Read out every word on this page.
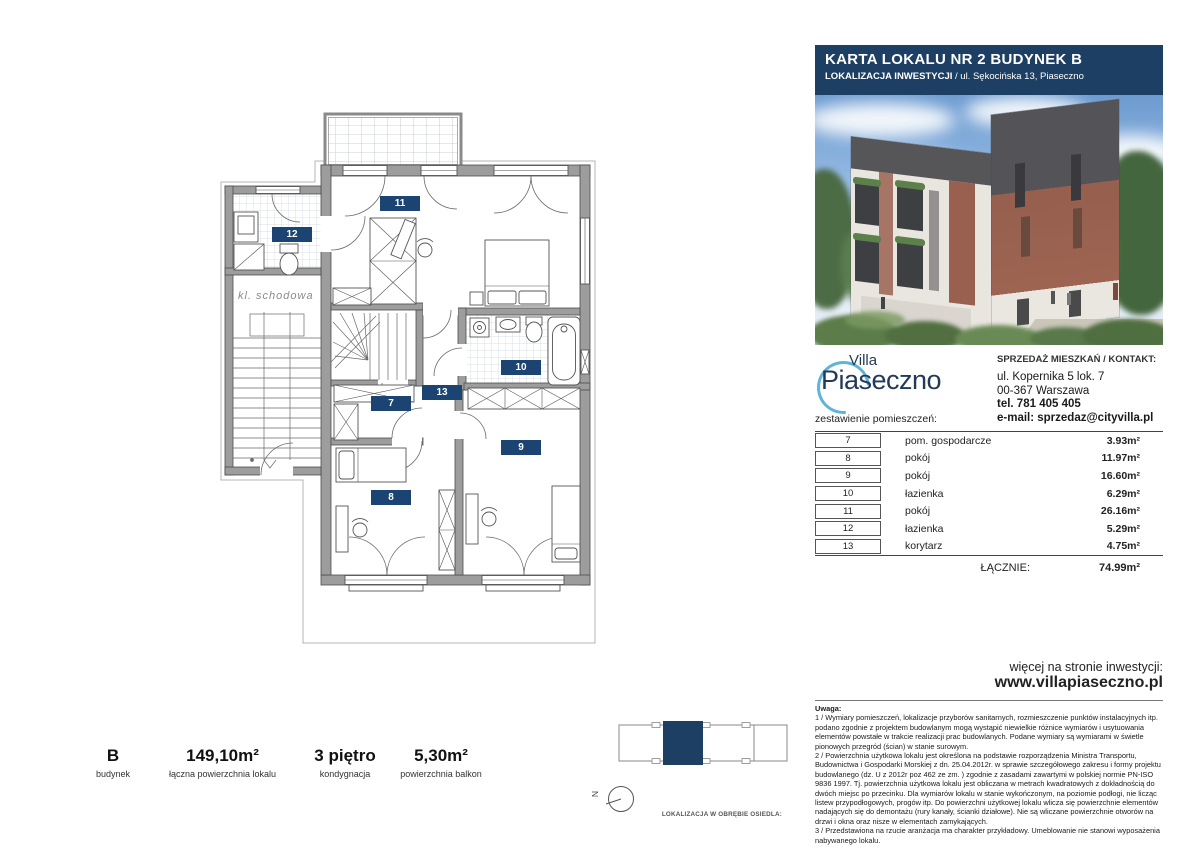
11
12
10
13
7
9
8
kl. schodowa
KARTA LOKALU NR 2 BUDYNEK B
LOKALIZACJA INWESTYCJI / ul. Sękocińska 13, Piaseczno
Villa
Piaseczno
SPRZEDAŻ MIESZKAŃ / KONTAKT:
ul. Kopernika 5 lok. 7
00-367 Warszawa
tel. 781 405 405
e-mail: sprzedaz@cityvilla.pl
zestawienie pomieszczeń:
7	pom. gospodarcze	3.93m²
8	pokój	11.97m²
9	pokój	16.60m²
10	łazienka	6.29m²
11	pokój	26.16m²
12	łazienka	5.29m²
13	korytarz	4.75m²
ŁĄCZNIE:	74.99m²
więcej na stronie inwestycji:
www.villapiaseczno.pl

Uwaga:

1 / Wymiary pomieszczeń, lokalizacje przyborów sanitarnych, rozmieszczenie punktów instalacyjnych itp. podano zgodnie z projektem budowlanym mogą wystąpić niewielkie różnice wymiarów i usytuowania elementów powstałe w trakcie realizacji prac budowlanych. Podane wymiary są wymiarami w świetle pionowych przegród (ścian) w stanie surowym.

2 / Powierzchnia użytkowa lokalu jest określona na podstawie rozporządzenia Ministra Transportu, Budownictwa i Gospodarki Morskiej z dn. 25.04.2012r. w sprawie szczegółowego zakresu i formy projektu budowlanego (dz. U z 2012r poz 462 ze zm. ) zgodnie z zasadami zawartymi w polskiej normie PN-ISO 9836 1997. Tj. powierzchnia użytkowa lokalu jest obliczana w metrach kwadratowych z dokładnością do dwóch miejsc po przecinku. Dla wymiarów lokalu w stanie wykończonym, na poziomie podłogi, nie licząc listew przypodłogowych, progów itp. Do powierzchni użytkowej lokalu wlicza się powierzchnie elementów nadających się do demontażu (rury kanały, ścianki działowe). Nie są wliczane powierzchnie otworów na drzwi i okna oraz nisze w elementach zamykających.

3 / Przedstawiona na rzucie aranżacja ma charakter przykładowy. Umeblowanie nie stanowi wyposażenia nabywanego lokalu.

B
budynek
149,10m²
łączna powierzchnia lokalu
3 piętro
kondygnacja
5,30m²
powierzchnia balkon
N
LOKALIZACJA W OBRĘBIE OSIEDLA:
